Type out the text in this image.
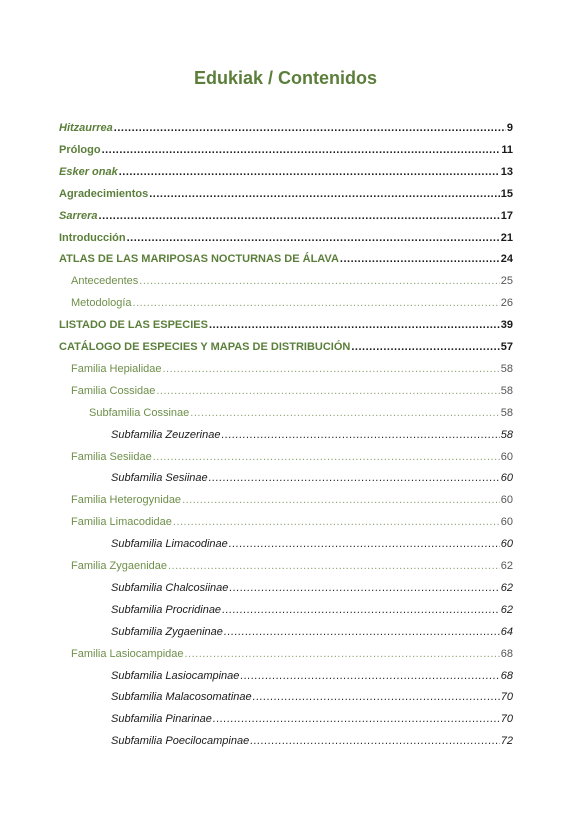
Edukiak / Contenidos
Hitzaurrea .....	9
Prólogo .....	11
Esker onak .....	13
Agradecimientos .....	15
Sarrera .....	17
Introducción .....	21
ATLAS DE LAS MARIPOSAS NOCTURNAS DE ÁLAVA .....	24
Antecedentes .....	25
Metodología .....	26
LISTADO DE LAS ESPECIES .....	39
CATÁLOGO DE ESPECIES Y MAPAS DE DISTRIBUCIÓN .....	57
Familia Hepialidae .....	58
Familia Cossidae .....	58
Subfamilia Cossinae .....	58
Subfamilia Zeuzerinae .....	58
Familia Sesiidae .....	60
Subfamilia Sesiinae .....	60
Familia Heterogynidae .....	60
Familia Limacodidae .....	60
Subfamilia Limacodinae .....	60
Familia Zygaenidae .....	62
Subfamilia Chalcosiinae .....	62
Subfamilia Procridinae .....	62
Subfamilia Zygaeninae .....	64
Familia Lasiocampidae .....	68
Subfamilia Lasiocampinae .....	68
Subfamilia Malacosomatinae .....	70
Subfamilia Pinarinae .....	70
Subfamilia Poecilocampinae .....	72
